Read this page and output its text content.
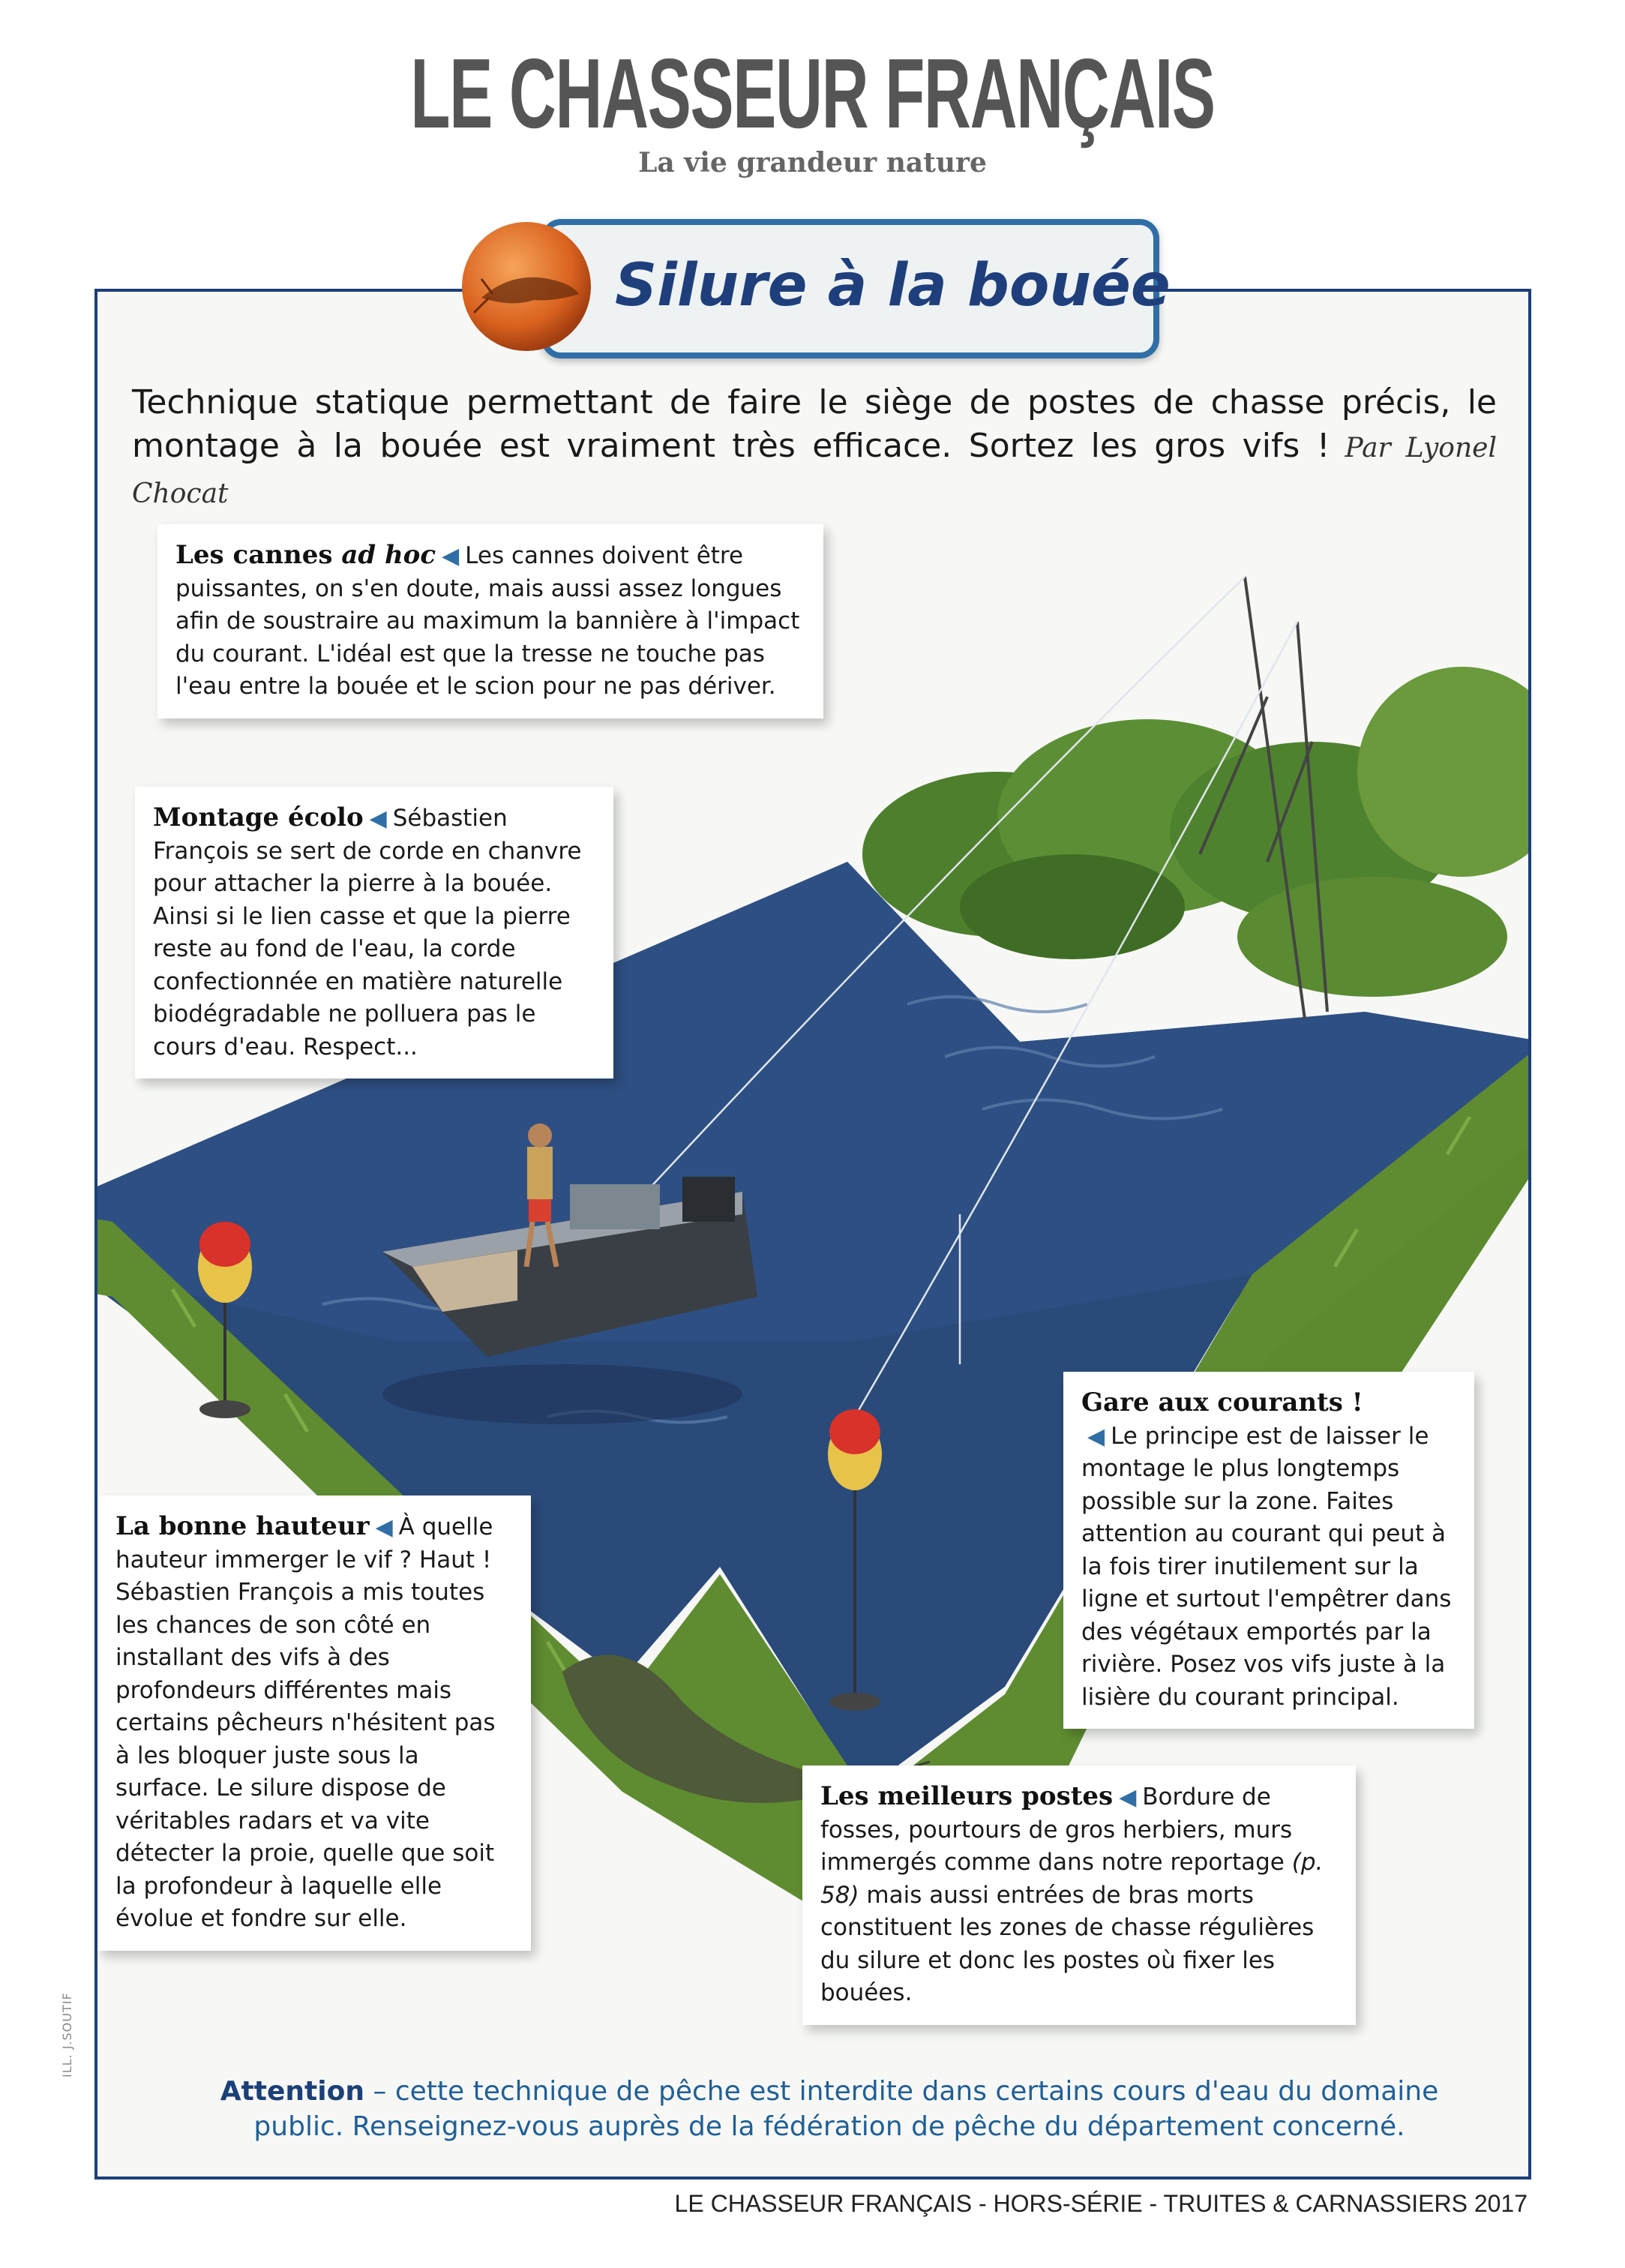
LE CHASSEUR FRANÇAIS
La vie grandeur nature
Les cannes ad hoc ◀ Les cannes doivent être puissantes, on s'en doute, mais aussi assez longues afin de soustraire au maximum la bannière à l'impact du courant. L'idéal est que la tresse ne touche pas l'eau entre la bouée et le scion pour ne pas dériver.
Montage écolo ◀ Sébastien François se sert de corde en chanvre pour attacher la pierre à la bouée. Ainsi si le lien casse et que la pierre reste au fond de l'eau, la corde confectionnée en matière naturelle biodégradable ne polluera pas le cours d'eau. Respect...
La bonne hauteur ◀ À quelle hauteur immerger le vif ? Haut ! Sébastien François a mis toutes les chances de son côté en installant des vifs à des profondeurs différentes mais certains pêcheurs n'hésitent pas à les bloquer juste sous la surface. Le silure dispose de véritables radars et va vite détecter la proie, quelle que soit la profondeur à laquelle elle évolue et fondre sur elle.
Gare aux courants !
◀ Le principe est de laisser le montage le plus longtemps possible sur la zone. Faites attention au courant qui peut à la fois tirer inutilement sur la ligne et surtout l'empêtrer dans des végétaux emportés par la rivière. Posez vos vifs juste à la lisière du courant principal.
Les meilleurs postes ◀ Bordure de fosses, pourtours de gros herbiers, murs immergés comme dans notre reportage (p. 58) mais aussi entrées de bras morts constituent les zones de chasse régulières du silure et donc les postes où fixer les bouées.
Silure à la bouée
Technique statique permettant de faire le siège de postes de chasse précis, le montage à la bouée est vraiment très efficace. Sortez les gros vifs ! Par Lyonel Chocat
Attention – cette technique de pêche est interdite dans certains cours d'eau du domaine public. Renseignez-vous auprès de la fédération de pêche du département concerné.
ILL. J.SOUTIF
LE CHASSEUR FRANÇAIS - HORS-SÉRIE - TRUITES & CARNASSIERS 2017
